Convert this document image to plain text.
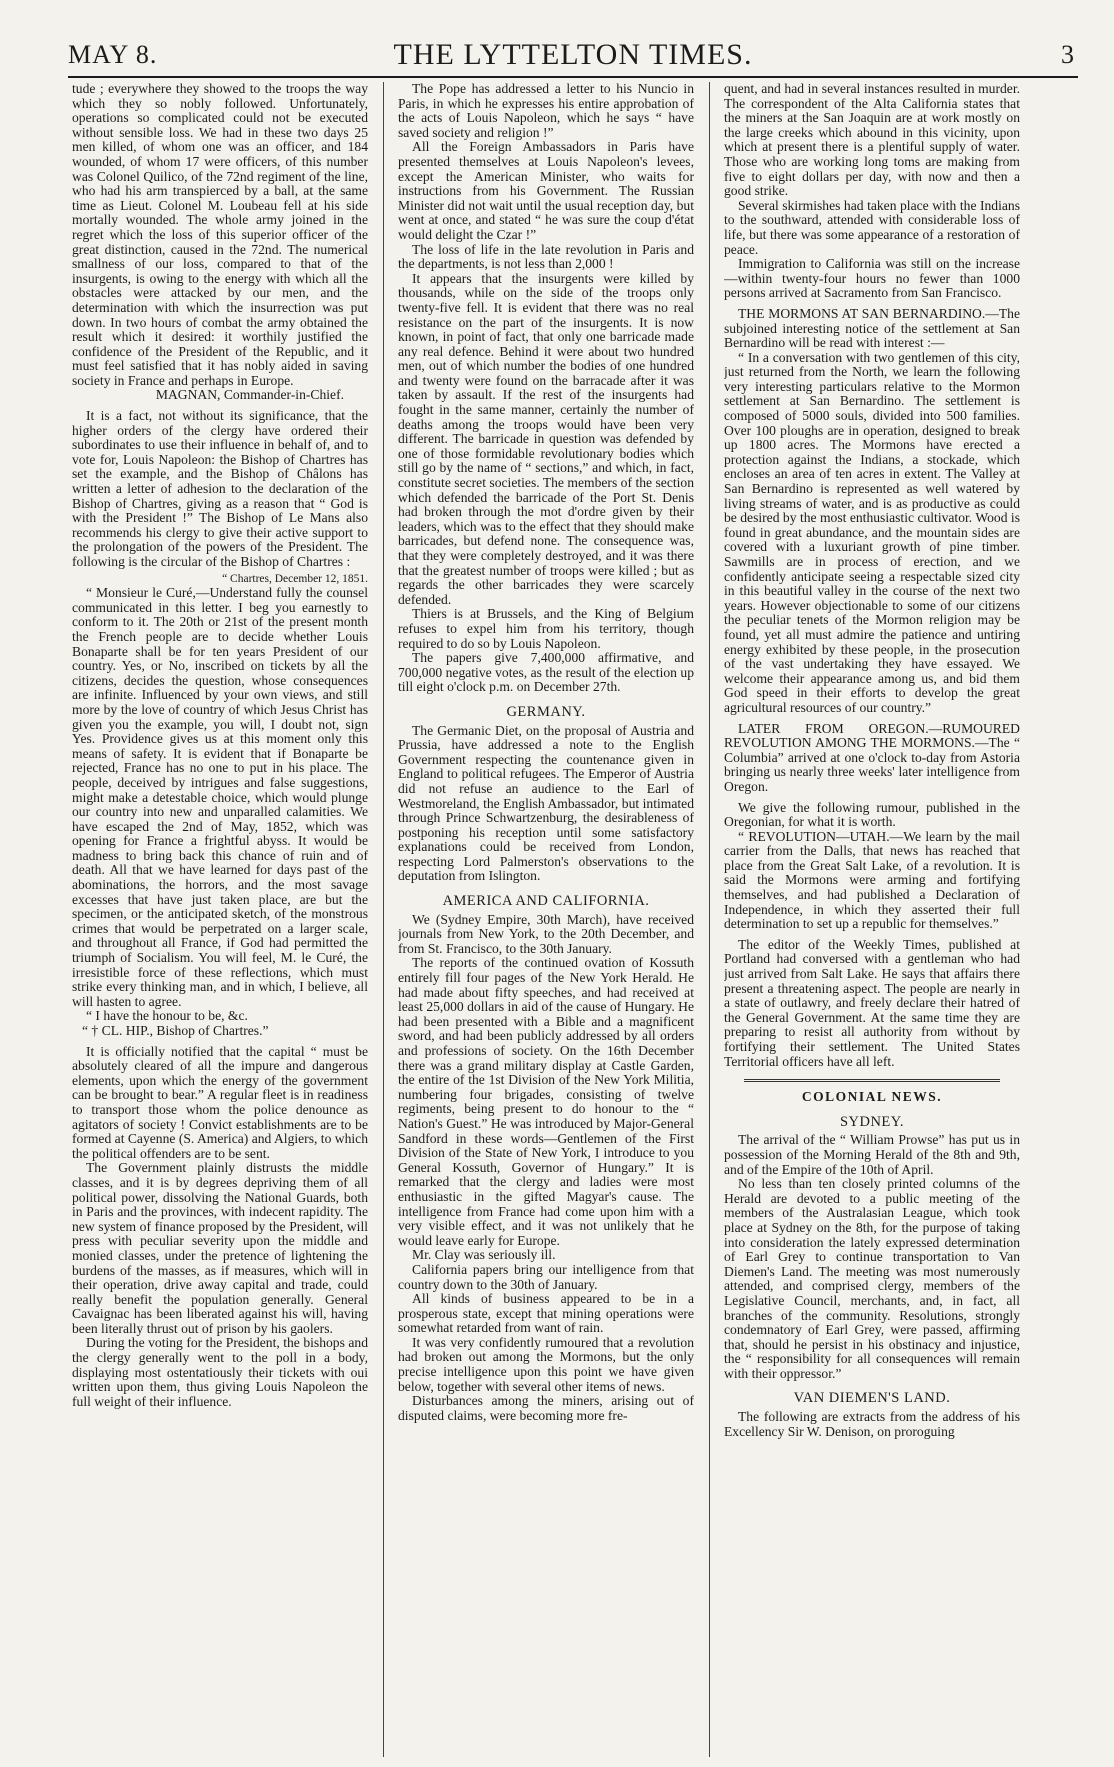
MAY 8.	THE LYTTELTON TIMES.	3

tude ; everywhere they showed to the troops the way which they so nobly followed. Unfortunately, operations so complicated could not be executed without sensible loss. We had in these two days 25 men killed, of whom one was an officer, and 184 wounded, of whom 17 were officers, of this number was Colonel Quilico, of the 72nd regiment of the line, who had his arm transpierced by a ball, at the same time as Lieut. Colonel M. Loubeau fell at his side mortally wounded. The whole army joined in the regret which the loss of this superior officer of the great distinction, caused in the 72nd. The numerical smallness of our loss, compared to that of the insurgents, is owing to the energy with which all the obstacles were attacked by our men, and the determination with which the insurrection was put down. In two hours of combat the army obtained the result which it desired: it worthily justified the confidence of the President of the Republic, and it must feel satisfied that it has nobly aided in saving society in France and perhaps in Europe.

MAGNAN, Commander-in-Chief.

It is a fact, not without its significance, that the higher orders of the clergy have ordered their subordinates to use their influence in behalf of, and to vote for, Louis Napoleon: the Bishop of Chartres has set the example, and the Bishop of Châlons has written a letter of adhesion to the declaration of the Bishop of Chartres, giving as a reason that “ God is with the President !” The Bishop of Le Mans also recommends his clergy to give their active support to the prolongation of the powers of the President. The following is the circular of the Bishop of Chartres :

“ Chartres, December 12, 1851.

“ Monsieur le Curé,—Understand fully the counsel communicated in this letter. I beg you earnestly to conform to it. The 20th or 21st of the present month the French people are to decide whether Louis Bonaparte shall be for ten years President of our country. Yes, or No, inscribed on tickets by all the citizens, decides the question, whose consequences are infinite. Influenced by your own views, and still more by the love of country of which Jesus Christ has given you the example, you will, I doubt not, sign Yes. Providence gives us at this moment only this means of safety. It is evident that if Bonaparte be rejected, France has no one to put in his place. The people, deceived by intrigues and false suggestions, might make a detestable choice, which would plunge our country into new and unparalled calamities. We have escaped the 2nd of May, 1852, which was opening for France a frightful abyss. It would be madness to bring back this chance of ruin and of death. All that we have learned for days past of the abominations, the horrors, and the most savage excesses that have just taken place, are but the specimen, or the anticipated sketch, of the monstrous crimes that would be perpetrated on a larger scale, and throughout all France, if God had permitted the triumph of Socialism. You will feel, M. le Curé, the irresistible force of these reflections, which must strike every thinking man, and in which, I believe, all will hasten to agree.

“ I have the honour to be, &c.

“ † CL. HIP., Bishop of Chartres.”

It is officially notified that the capital “ must be absolutely cleared of all the impure and dangerous elements, upon which the energy of the government can be brought to bear.” A regular fleet is in readiness to transport those whom the police denounce as agitators of society ! Convict establishments are to be formed at Cayenne (S. America) and Algiers, to which the political offenders are to be sent.

The Government plainly distrusts the middle classes, and it is by degrees depriving them of all political power, dissolving the National Guards, both in Paris and the provinces, with indecent rapidity. The new system of finance proposed by the President, will press with peculiar severity upon the middle and monied classes, under the pretence of lightening the burdens of the masses, as if measures, which will in their operation, drive away capital and trade, could really benefit the population generally. General Cavaignac has been liberated against his will, having been literally thrust out of prison by his gaolers.

During the voting for the President, the bishops and the clergy generally went to the poll in a body, displaying most ostentatiously their tickets with oui written upon them, thus giving Louis Napoleon the full weight of their influence.

The Pope has addressed a letter to his Nuncio in Paris, in which he expresses his entire approbation of the acts of Louis Napoleon, which he says “ have saved society and religion !”

All the Foreign Ambassadors in Paris have presented themselves at Louis Napoleon's levees, except the American Minister, who waits for instructions from his Government. The Russian Minister did not wait until the usual reception day, but went at once, and stated “ he was sure the coup d'état would delight the Czar !”

The loss of life in the late revolution in Paris and the departments, is not less than 2,000 !

It appears that the insurgents were killed by thousands, while on the side of the troops only twenty-five fell. It is evident that there was no real resistance on the part of the insurgents. It is now known, in point of fact, that only one barricade made any real defence. Behind it were about two hundred men, out of which number the bodies of one hundred and twenty were found on the barracade after it was taken by assault. If the rest of the insurgents had fought in the same manner, certainly the number of deaths among the troops would have been very different. The barricade in question was defended by one of those formidable revolutionary bodies which still go by the name of “ sections,” and which, in fact, constitute secret societies. The members of the section which defended the barricade of the Port St. Denis had broken through the mot d'ordre given by their leaders, which was to the effect that they should make barricades, but defend none. The consequence was, that they were completely destroyed, and it was there that the greatest number of troops were killed ; but as regards the other barricades they were scarcely defended.

Thiers is at Brussels, and the King of Belgium refuses to expel him from his territory, though required to do so by Louis Napoleon.

The papers give 7,400,000 affirmative, and 700,000 negative votes, as the result of the election up till eight o'clock p.m. on December 27th.

GERMANY.

The Germanic Diet, on the proposal of Austria and Prussia, have addressed a note to the English Government respecting the countenance given in England to political refugees. The Emperor of Austria did not refuse an audience to the Earl of Westmoreland, the English Ambassador, but intimated through Prince Schwartzenburg, the desirableness of postponing his reception until some satisfactory explanations could be received from London, respecting Lord Palmerston's observations to the deputation from Islington.

AMERICA AND CALIFORNIA.

We (Sydney Empire, 30th March), have received journals from New York, to the 20th December, and from St. Francisco, to the 30th January.

The reports of the continued ovation of Kossuth entirely fill four pages of the New York Herald. He had made about fifty speeches, and had received at least 25,000 dollars in aid of the cause of Hungary. He had been presented with a Bible and a magnificent sword, and had been publicly addressed by all orders and professions of society. On the 16th December there was a grand military display at Castle Garden, the entire of the 1st Division of the New York Militia, numbering four brigades, consisting of twelve regiments, being present to do honour to the “ Nation's Guest.” He was introduced by Major-General Sandford in these words—Gentlemen of the First Division of the State of New York, I introduce to you General Kossuth, Governor of Hungary.” It is remarked that the clergy and ladies were most enthusiastic in the gifted Magyar's cause. The intelligence from France had come upon him with a very visible effect, and it was not unlikely that he would leave early for Europe.

Mr. Clay was seriously ill.

California papers bring our intelligence from that country down to the 30th of January.

All kinds of business appeared to be in a prosperous state, except that mining operations were somewhat retarded from want of rain.

It was very confidently rumoured that a revolution had broken out among the Mormons, but the only precise intelligence upon this point we have given below, together with several other items of news.

Disturbances among the miners, arising out of disputed claims, were becoming more fre-

quent, and had in several instances resulted in murder. The correspondent of the Alta California states that the miners at the San Joaquin are at work mostly on the large creeks which abound in this vicinity, upon which at present there is a plentiful supply of water. Those who are working long toms are making from five to eight dollars per day, with now and then a good strike.

Several skirmishes had taken place with the Indians to the southward, attended with considerable loss of life, but there was some appearance of a restoration of peace.

Immigration to California was still on the increase—within twenty-four hours no fewer than 1000 persons arrived at Sacramento from San Francisco.

THE MORMONS AT SAN BERNARDINO.—The subjoined interesting notice of the settlement at San Bernardino will be read with interest :—

“ In a conversation with two gentlemen of this city, just returned from the North, we learn the following very interesting particulars relative to the Mormon settlement at San Bernardino. The settlement is composed of 5000 souls, divided into 500 families. Over 100 ploughs are in operation, designed to break up 1800 acres. The Mormons have erected a protection against the Indians, a stockade, which encloses an area of ten acres in extent. The Valley at San Bernardino is represented as well watered by living streams of water, and is as productive as could be desired by the most enthusiastic cultivator. Wood is found in great abundance, and the mountain sides are covered with a luxuriant growth of pine timber. Sawmills are in process of erection, and we confidently anticipate seeing a respectable sized city in this beautiful valley in the course of the next two years. However objectionable to some of our citizens the peculiar tenets of the Mormon religion may be found, yet all must admire the patience and untiring energy exhibited by these people, in the prosecution of the vast undertaking they have essayed. We welcome their appearance among us, and bid them God speed in their efforts to develop the great agricultural resources of our country.”

LATER FROM OREGON.—RUMOURED REVOLUTION AMONG THE MORMONS.—The “ Columbia” arrived at one o'clock to-day from Astoria bringing us nearly three weeks' later intelligence from Oregon.

We give the following rumour, published in the Oregonian, for what it is worth.

“ REVOLUTION—UTAH.—We learn by the mail carrier from the Dalls, that news has reached that place from the Great Salt Lake, of a revolution. It is said the Mormons were arming and fortifying themselves, and had published a Declaration of Independence, in which they asserted their full determination to set up a republic for themselves.”

The editor of the Weekly Times, published at Portland had conversed with a gentleman who had just arrived from Salt Lake. He says that affairs there present a threatening aspect. The people are nearly in a state of outlawry, and freely declare their hatred of the General Government. At the same time they are preparing to resist all authority from without by fortifying their settlement. The United States Territorial officers have all left.

COLONIAL NEWS.

SYDNEY.

The arrival of the “ William Prowse” has put us in possession of the Morning Herald of the 8th and 9th, and of the Empire of the 10th of April.

No less than ten closely printed columns of the Herald are devoted to a public meeting of the members of the Australasian League, which took place at Sydney on the 8th, for the purpose of taking into consideration the lately expressed determination of Earl Grey to continue transportation to Van Diemen's Land. The meeting was most numerously attended, and comprised clergy, members of the Legislative Council, merchants, and, in fact, all branches of the community. Resolutions, strongly condemnatory of Earl Grey, were passed, affirming that, should he persist in his obstinacy and injustice, the “ responsibility for all consequences will remain with their oppressor.”

VAN DIEMEN'S LAND.

The following are extracts from the address of his Excellency Sir W. Denison, on proroguing
